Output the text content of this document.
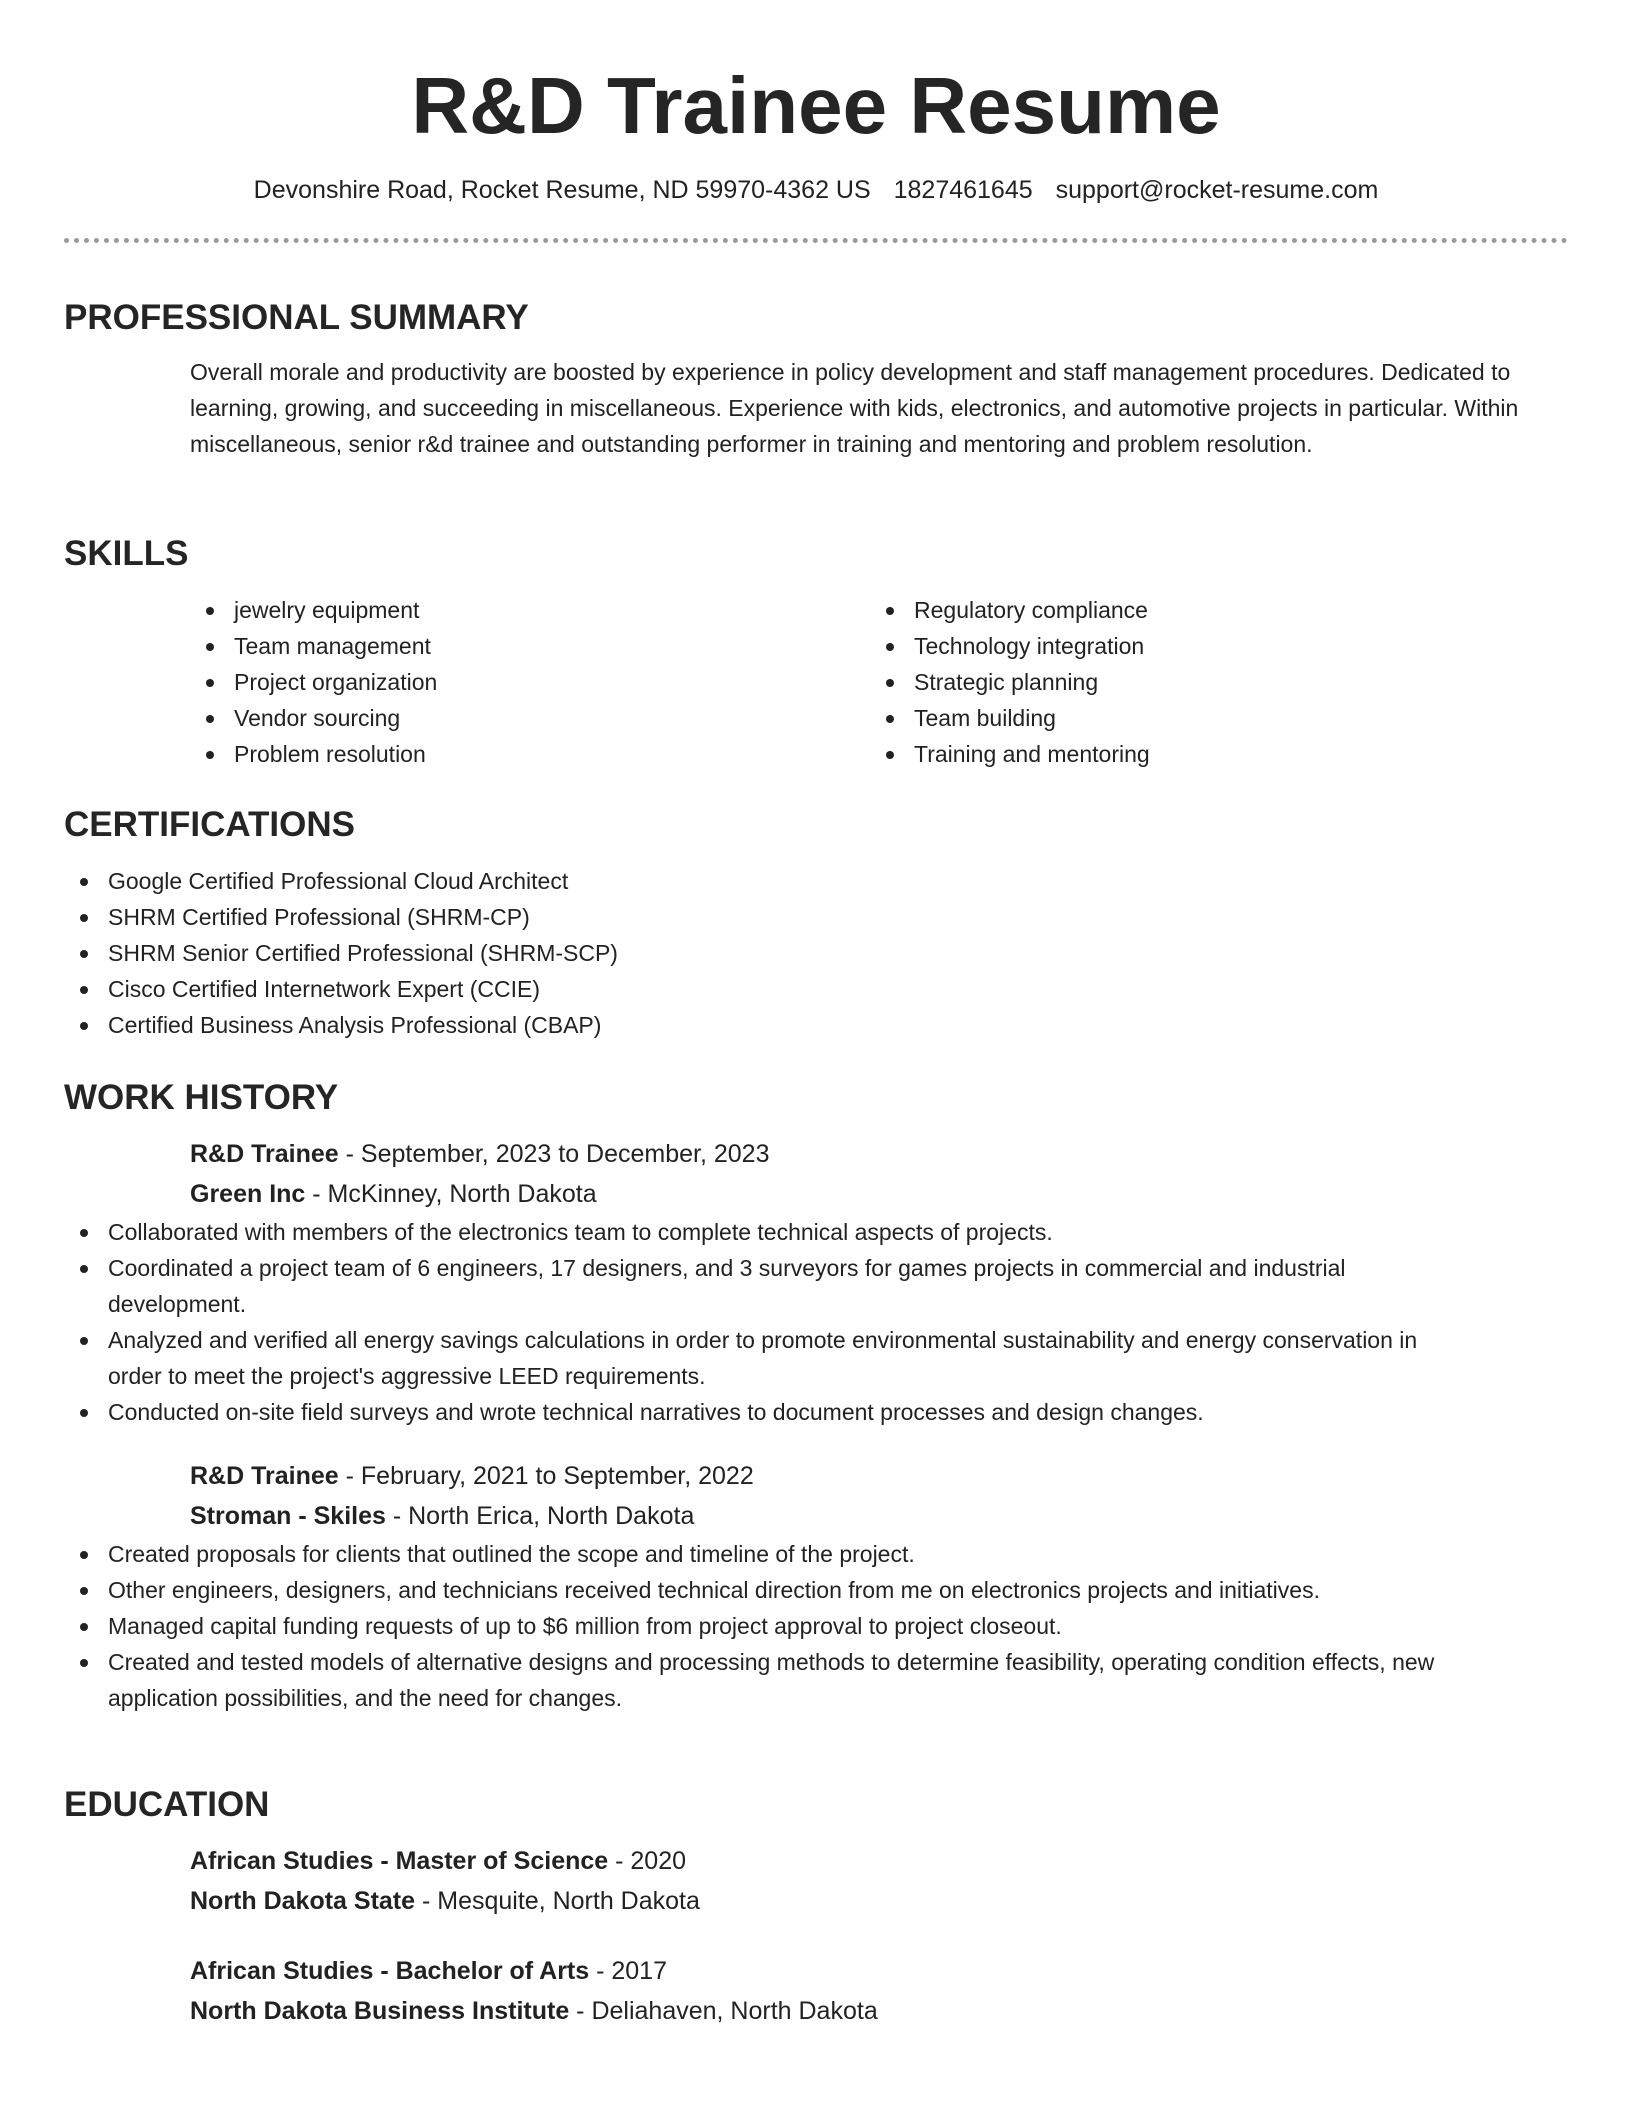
R&D Trainee Resume
Devonshire Road, Rocket Resume, ND 59970-4362 US 1827461645 support@rocket-resume.com
PROFESSIONAL SUMMARY
Overall morale and productivity are boosted by experience in policy development and staff management procedures. Dedicated to learning, growing, and succeeding in miscellaneous. Experience with kids, electronics, and automotive projects in particular. Within miscellaneous, senior r&d trainee and outstanding performer in training and mentoring and problem resolution.
SKILLS
jewelry equipment
Team management
Project organization
Vendor sourcing
Problem resolution
Regulatory compliance
Technology integration
Strategic planning
Team building
Training and mentoring
CERTIFICATIONS
Google Certified Professional Cloud Architect
SHRM Certified Professional (SHRM-CP)
SHRM Senior Certified Professional (SHRM-SCP)
Cisco Certified Internetwork Expert (CCIE)
Certified Business Analysis Professional (CBAP)
WORK HISTORY
R&D Trainee - September, 2023 to December, 2023
Green Inc - McKinney, North Dakota
Collaborated with members of the electronics team to complete technical aspects of projects.
Coordinated a project team of 6 engineers, 17 designers, and 3 surveyors for games projects in commercial and industrial development.
Analyzed and verified all energy savings calculations in order to promote environmental sustainability and energy conservation in order to meet the project's aggressive LEED requirements.
Conducted on-site field surveys and wrote technical narratives to document processes and design changes.
R&D Trainee - February, 2021 to September, 2022
Stroman - Skiles - North Erica, North Dakota
Created proposals for clients that outlined the scope and timeline of the project.
Other engineers, designers, and technicians received technical direction from me on electronics projects and initiatives.
Managed capital funding requests of up to $6 million from project approval to project closeout.
Created and tested models of alternative designs and processing methods to determine feasibility, operating condition effects, new application possibilities, and the need for changes.
EDUCATION
African Studies - Master of Science - 2020
North Dakota State - Mesquite, North Dakota
African Studies - Bachelor of Arts - 2017
North Dakota Business Institute - Deliahaven, North Dakota
